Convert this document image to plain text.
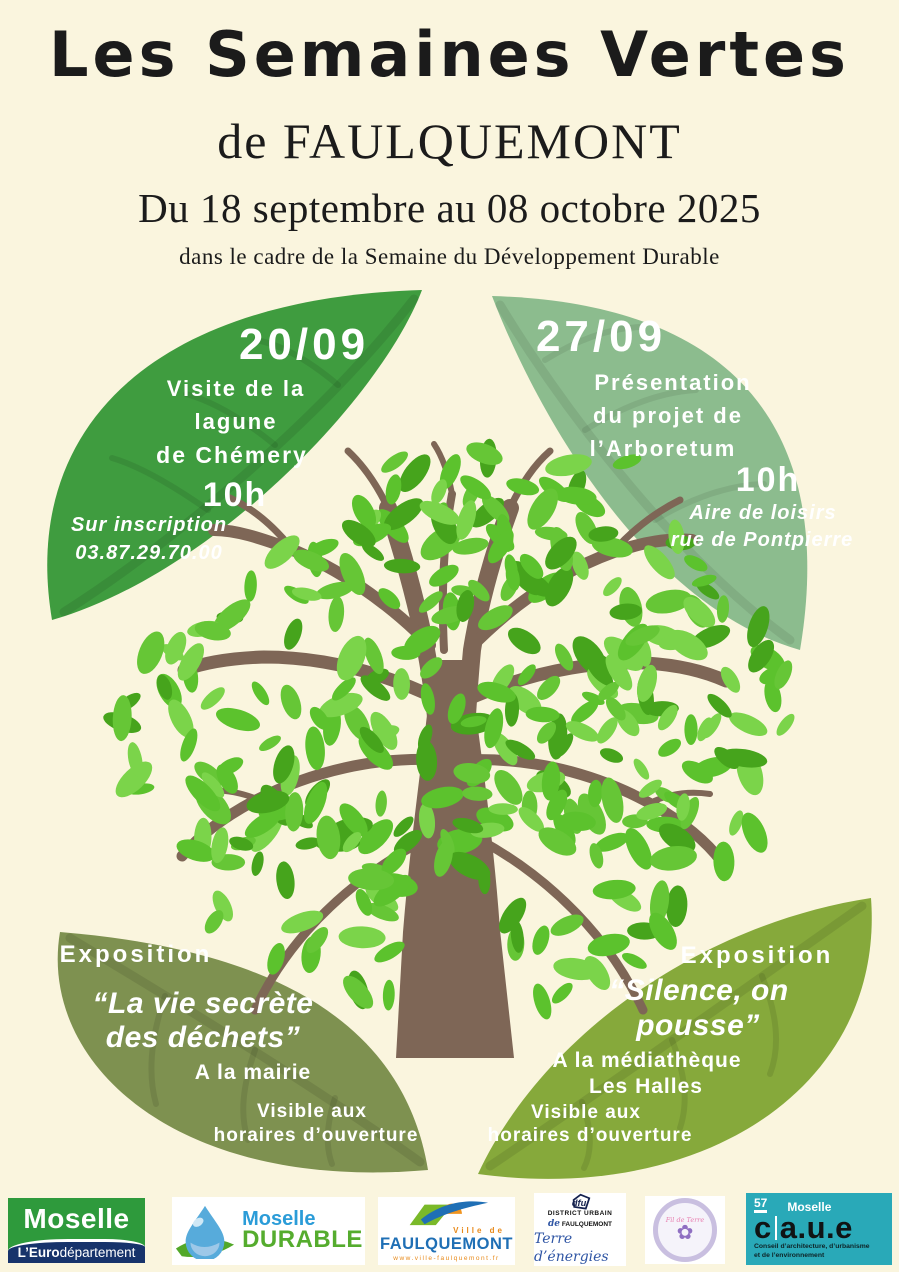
Les Semaines Vertes
de FAULQUEMONT
Du 18 septembre au 08 octobre 2025
dans le cadre de la Semaine du Développement Durable
20/09
Visite de la
lagune
de Chémery
10h
Sur inscription
03.87.29.70.00
27/09
Présentation
du projet de
l’Arboretum
10h
Aire de loisirs
rue de Pontpierre
Exposition
“La vie secrète
des déchets”
A la mairie
Visible aux
horaires d’ouverture
Exposition
“Silence, on
pousse”
A la médiathèque
Les Halles
Visible aux
horaires d’ouverture
Moselle
L’Euro département
Moselle
DURABLE	Ville de
FAULQUEMONT
www.ville-faulquemont.fr
dfu
DISTRICT URBAIN
de FAULQUEMONT
Terre d’énergies
Fil de Terre
✿
57 Moselle
c a.u.e
Conseil d’architecture, d’urbanisme
et de l’environnement
